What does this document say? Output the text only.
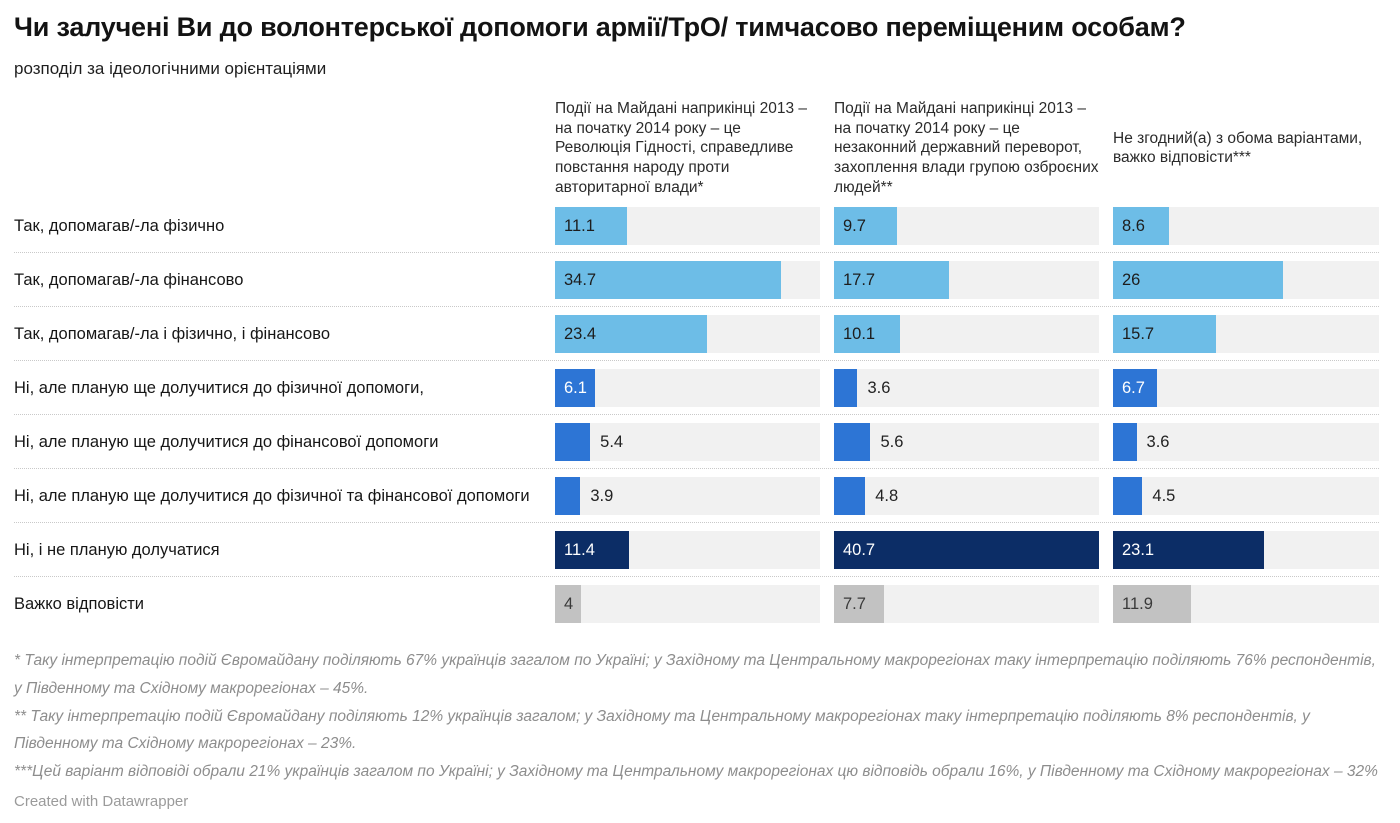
Чи залучені Ви до волонтерської допомоги армії/ТрО/ тимчасово переміщеним особам?
розподіл за ідеологічними орієнтаціями
Події на Майдані наприкінці 2013 – на початку 2014 року – це Революція Гідності, справедливе повстання народу проти авторитарної влади*
Події на Майдані наприкінці 2013 – на початку 2014 року – це незаконний державний переворот, захоплення влади групою озброєних людей**
Не згодний(а) з обома варіантами, важко відповісти***
Так, допомагав/-ла фізично	11.1	9.7	8.6
Так, допомагав/-ла фінансово	34.7	17.7	26
Так, допомагав/-ла і фізично, і фінансово	23.4	10.1	15.7
Ні, але планую ще долучитися до фізичної допомоги,	6.1	3.6	6.7
Ні, але планую ще долучитися до фінансової допомоги	5.4	5.6	3.6
Ні, але планую ще долучитися до фізичної та фінансової допомоги	3.9	4.8	4.5
Ні, і не планую долучатися	11.4	40.7	23.1
Важко відповісти	4	7.7	11.9
* Таку інтерпретацію подій Євромайдану поділяють 67% українців загалом по Україні; у Західному та Центральному макрорегіонах таку інтерпретацію поділяють 76% респондентів, у Південному та Східному макрорегіонах – 45%.
** Таку інтерпретацію подій Євромайдану поділяють 12% українців загалом; у Західному та Центральному макрорегіонах таку інтерпретацію поділяють 8% респондентів, у Південному та Східному макрорегіонах – 23%.
***Цей варіант відповіді обрали 21% українців загалом по Україні; у Західному та Центральному макрорегіонах цю відповідь обрали 16%, у Південному та Східному макрорегіонах – 32%
Created with Datawrapper
